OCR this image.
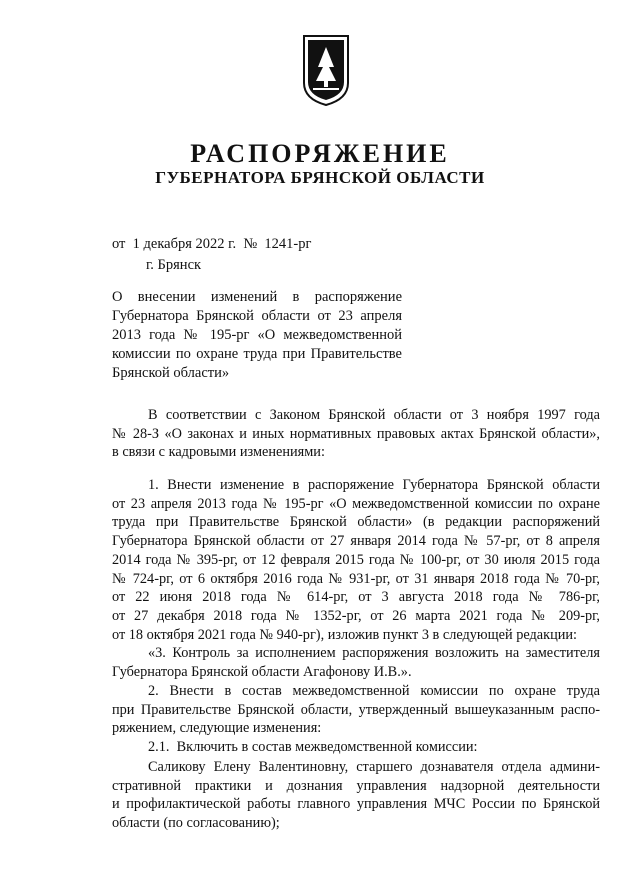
РАСПОРЯЖЕНИЕ
ГУБЕРНАТОРА БРЯНСКОЙ ОБЛАСТИ
от  1 декабря 2022 г.  №  1241-рг
г. Брянск
О внесении изменений в распоряжение
Губернатора Брянской области от 23 апреля
2013 года № 195-рг «О межведомственной
комиссии по охране труда при Правительстве
Брянской области»
В соответствии с Законом Брянской области от 3 ноября 1997 года
№ 28-З «О законах и иных нормативных правовых актах Брянской области»,
в связи с кадровыми изменениями:
1. Внести изменение в распоряжение Губернатора Брянской области
от 23 апреля 2013 года № 195-рг «О межведомственной комиссии по охране
труда при Правительстве Брянской области» (в редакции распоряжений
Губернатора Брянской области от 27 января 2014 года № 57-рг, от 8 апреля
2014 года № 395-рг, от 12 февраля 2015 года № 100-рг, от 30 июля 2015 года
№ 724-рг, от 6 октября 2016 года № 931-рг, от 31 января 2018 года № 70-рг,
от 22 июня 2018 года № 614-рг, от 3 августа 2018 года № 786-рг,
от 27 декабря 2018 года № 1352-рг, от 26 марта 2021 года № 209-рг,
от 18 октября 2021 года № 940-рг), изложив пункт 3 в следующей редакции:
«3. Контроль за исполнением распоряжения возложить на заместителя
Губернатора Брянской области Агафонову И.В.».
2. Внести в состав межведомственной комиссии по охране труда
при Правительстве Брянской области, утвержденный вышеуказанным распо-
ряжением, следующие изменения:
2.1.  Включить в состав межведомственной комиссии:
Саликову Елену Валентиновну, старшего дознавателя отдела админи-
стративной практики и дознания управления надзорной деятельности
и профилактической работы главного управления МЧС России по Брянской
области (по согласованию);
